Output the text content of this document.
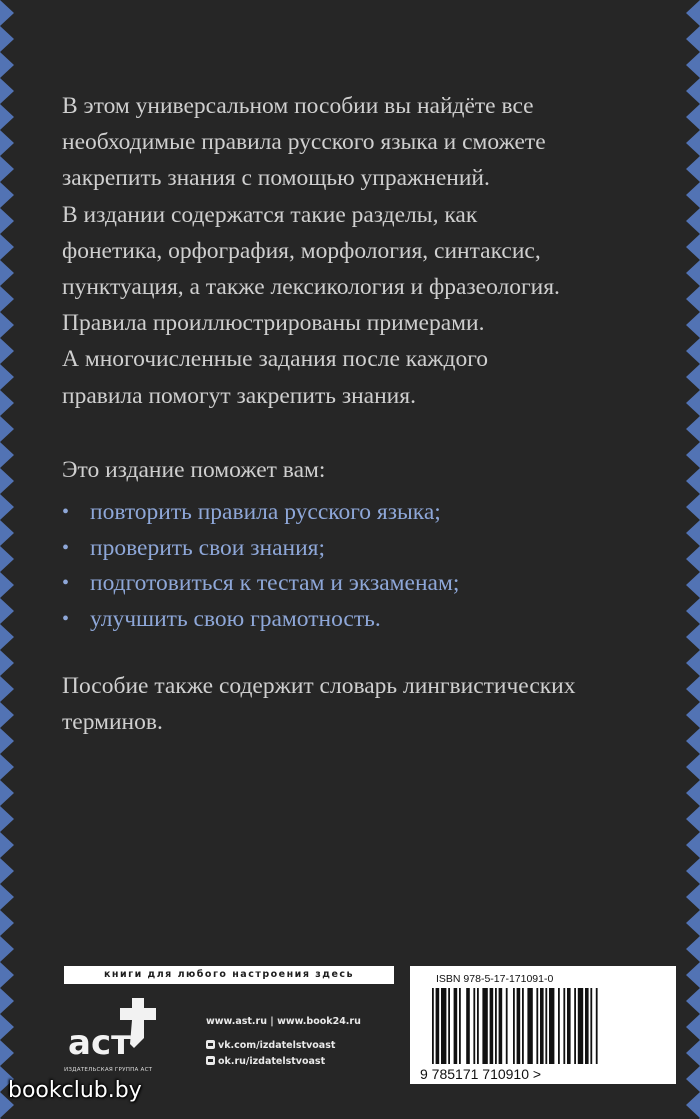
В этом универсальном пособии вы найдёте все
необходимые правила русского языка и сможете
закрепить знания с помощью упражнений.
В издании содержатся такие разделы, как
фонетика, орфография, морфология, синтаксис,
пунктуация, а также лексикология и фразеология.
Правила проиллюстрированы примерами.
А многочисленные задания после каждого
правила помогут закрепить знания.

Это издание поможет вам:

• повторить правила русского языка;
• проверить свои знания;
• подготовиться к тестам и экзаменам;
• улучшить свою грамотность.

Пособие также содержит словарь лингвистических
терминов.

книги для любого настроения здесь
аст
ИЗДАТЕЛЬСКАЯ ГРУППА АСТ
www.ast.ru | www.book24.ru
vk.com/izdatelstvoast
ok.ru/izdatelstvoast
ISBN 978-5-17-171091-0
9 785171 710910 >
bookclub.by
